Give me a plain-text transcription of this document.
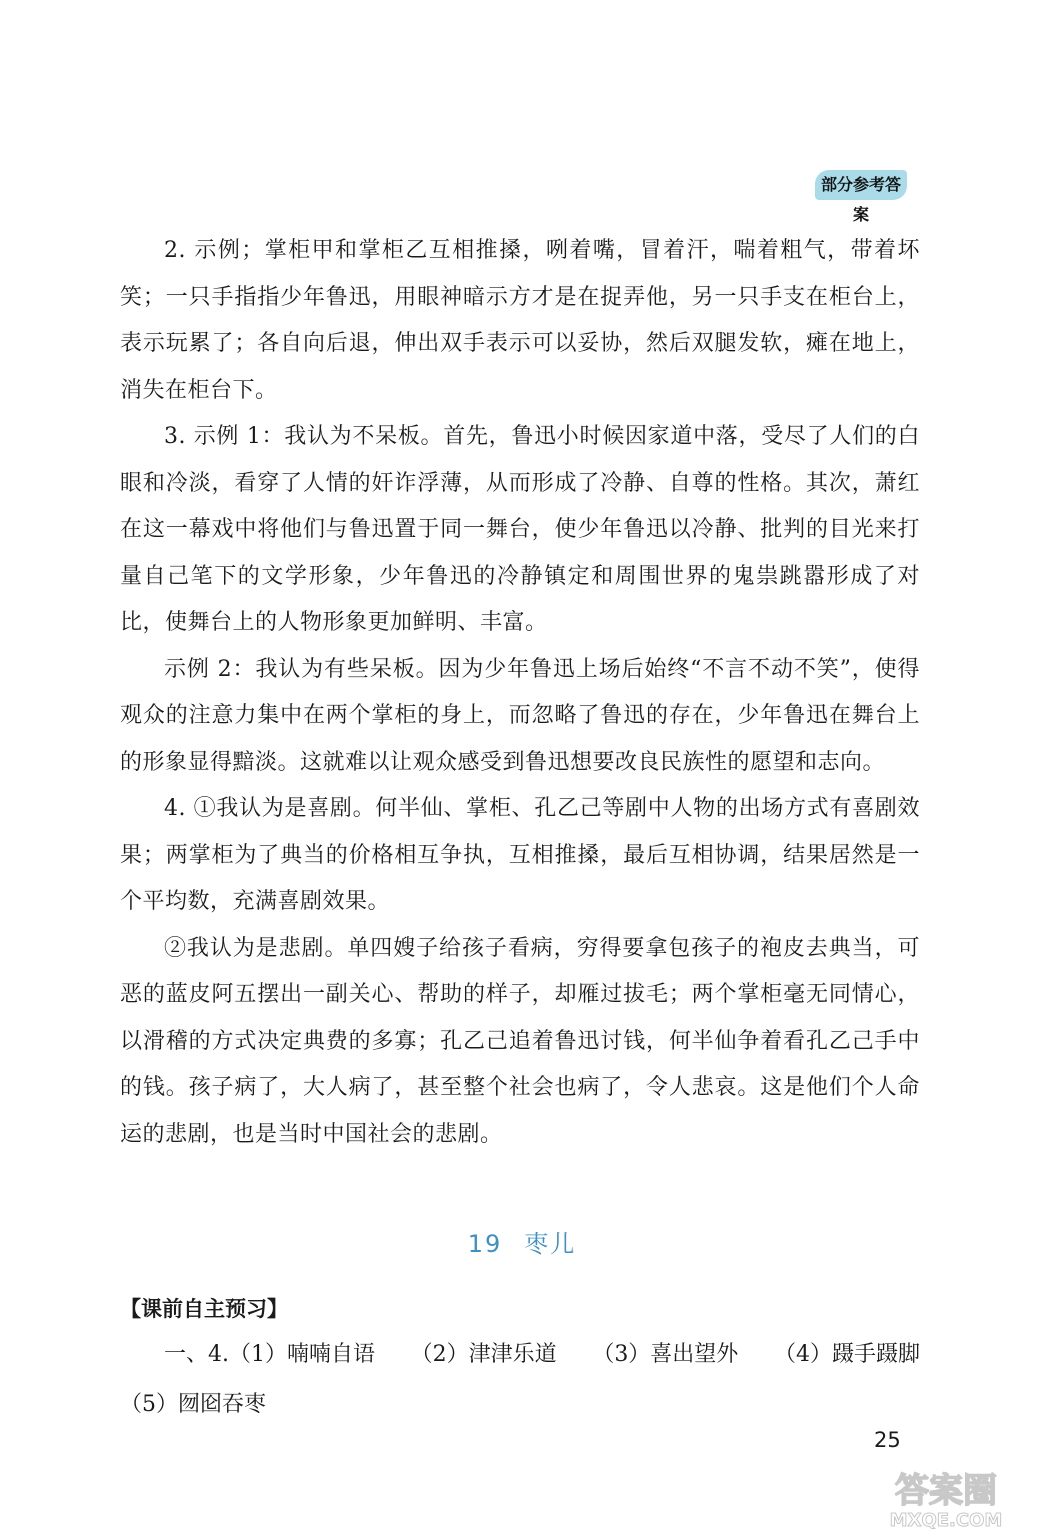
部分参考答案

2. 示例；掌柜甲和掌柜乙互相推搡，咧着嘴，冒着汗，喘着粗气，带着坏笑；一只手指指少年鲁迅，用眼神暗示方才是在捉弄他，另一只手支在柜台上，表示玩累了；各自向后退，伸出双手表示可以妥协，然后双腿发软，瘫在地上，消失在柜台下。

3. 示例 1：我认为不呆板。首先，鲁迅小时候因家道中落，受尽了人们的白眼和冷淡，看穿了人情的奸诈浮薄，从而形成了冷静、自尊的性格。其次，萧红在这一幕戏中将他们与鲁迅置于同一舞台，使少年鲁迅以冷静、批判的目光来打量自己笔下的文学形象，少年鲁迅的冷静镇定和周围世界的鬼祟跳嚣形成了对比，使舞台上的人物形象更加鲜明、丰富。

示例 2：我认为有些呆板。因为少年鲁迅上场后始终“不言不动不笑”，使得观众的注意力集中在两个掌柜的身上，而忽略了鲁迅的存在，少年鲁迅在舞台上的形象显得黯淡。这就难以让观众感受到鲁迅想要改良民族性的愿望和志向。

4. ①我认为是喜剧。何半仙、掌柜、孔乙己等剧中人物的出场方式有喜剧效果；两掌柜为了典当的价格相互争执，互相推搡，最后互相协调，结果居然是一个平均数，充满喜剧效果。

②我认为是悲剧。单四嫂子给孩子看病，穷得要拿包孩子的袍皮去典当，可恶的蓝皮阿五摆出一副关心、帮助的样子，却雁过拔毛；两个掌柜毫无同情心，以滑稽的方式决定典费的多寡；孔乙己追着鲁迅讨钱，何半仙争着看孔乙己手中的钱。孩子病了，大人病了，甚至整个社会也病了，令人悲哀。这是他们个人命运的悲剧，也是当时中国社会的悲剧。

19 枣儿
【课前自主预习】
一、4.（1）喃喃自语 （2）津津乐道 （3）喜出望外 （4）蹑手蹑脚
（5）囫囵吞枣
25
答案圈
MXQE.COM
